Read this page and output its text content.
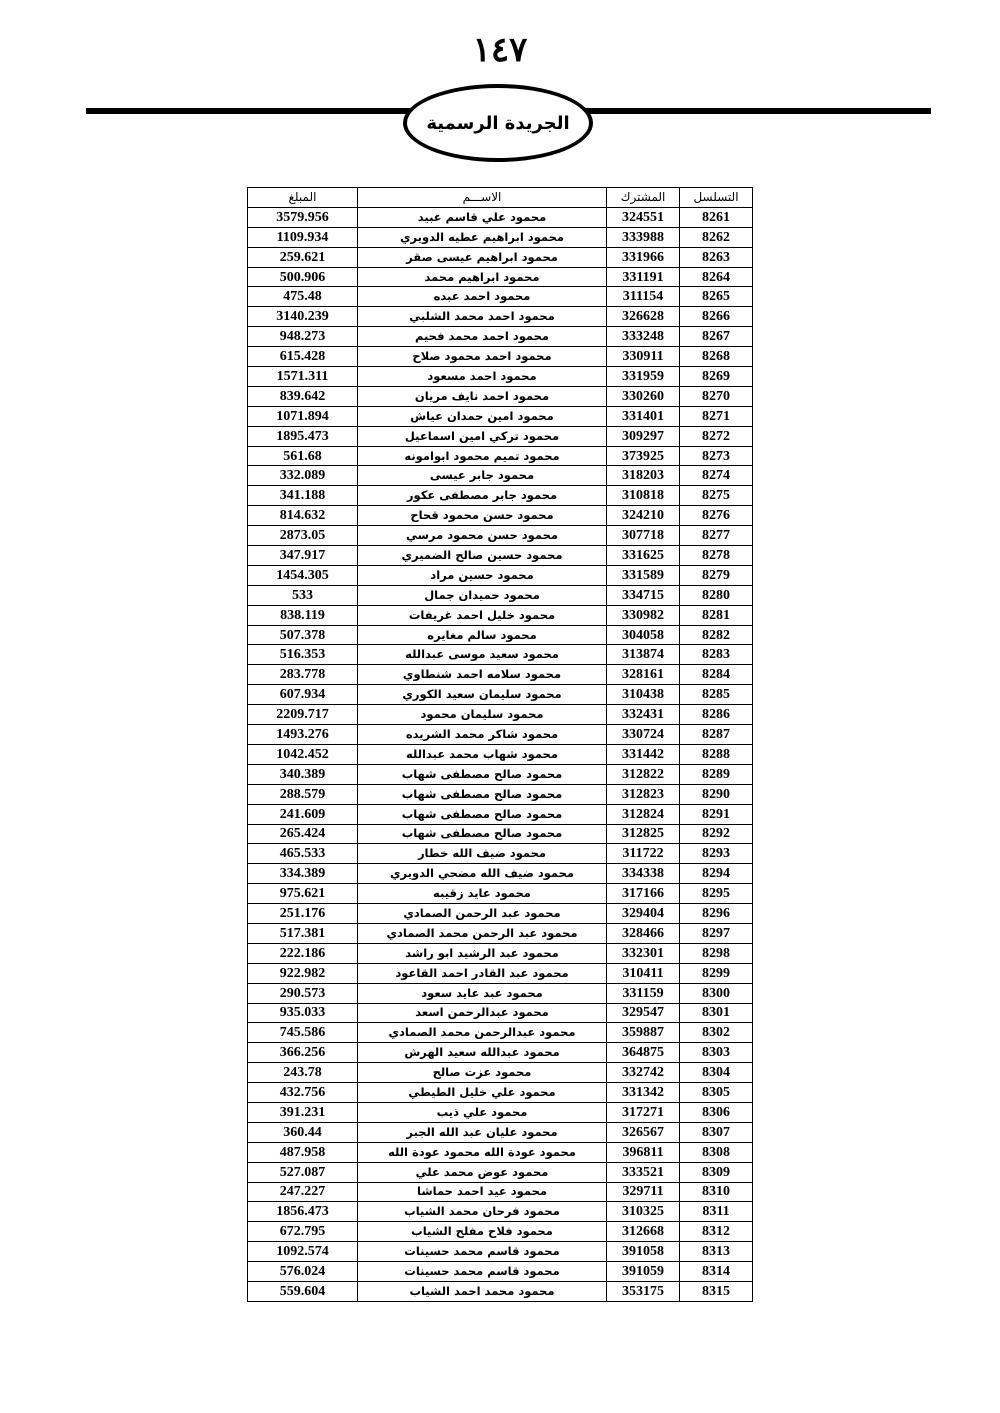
١٤٧
الجريدة الرسمية
التسلسل	المشترك	الاســـم	المبلغ
8261	324551	محمود علي قاسم عبيد	3579.956
8262	333988	محمود ابراهيم عطيه الدويري	1109.934
8263	331966	محمود ابراهيم عيسى صقر	259.621
8264	331191	محمود ابراهيم محمد	500.906
8265	311154	محمود احمد عبده	475.48
8266	326628	محمود احمد محمد الشلبي	3140.239
8267	333248	محمود احمد محمد فحيم	948.273
8268	330911	محمود احمد محمود صلاح	615.428
8269	331959	محمود احمد مسعود	1571.311
8270	330260	محمود احمد نايف مريان	839.642
8271	331401	محمود امين حمدان عياش	1071.894
8272	309297	محمود تركي امين اسماعيل	1895.473
8273	373925	محمود تميم محمود ابوامونه	561.68
8274	318203	محمود جابر عيسى	332.089
8275	310818	محمود جابر مصطفى عكور	341.188
8276	324210	محمود حسن محمود قحاح	814.632
8277	307718	محمود حسن محمود مرسي	2873.05
8278	331625	محمود حسين صالح الضميري	347.917
8279	331589	محمود حسين مراد	1454.305
8280	334715	محمود حميدان جمال	533
8281	330982	محمود خليل احمد غريفات	838.119
8282	304058	محمود سالم مغايره	507.378
8283	313874	محمود سعيد موسى عبدالله	516.353
8284	328161	محمود سلامه احمد شنطاوي	283.778
8285	310438	محمود سليمان سعيد الكوري	607.934
8286	332431	محمود سليمان محمود	2209.717
8287	330724	محمود شاكر محمد الشريده	1493.276
8288	331442	محمود شهاب محمد عبدالله	1042.452
8289	312822	محمود صالح مصطفى شهاب	340.389
8290	312823	محمود صالح مصطفى شهاب	288.579
8291	312824	محمود صالح مصطفى شهاب	241.609
8292	312825	محمود صالح مصطفى شهاب	265.424
8293	311722	محمود ضيف الله خطار	465.533
8294	334338	محمود ضيف الله مضحي الدويري	334.389
8295	317166	محمود عايد زقيبه	975.621
8296	329404	محمود عبد الرحمن الصمادي	251.176
8297	328466	محمود عبد الرحمن محمد الصمادي	517.381
8298	332301	محمود عبد الرشيد ابو راشد	222.186
8299	310411	محمود عبد القادر احمد القاعود	922.982
8300	331159	محمود عبد عايد سعود	290.573
8301	329547	محمود عبدالرحمن اسعد	935.033
8302	359887	محمود عبدالرحمن محمد الصمادي	745.586
8303	364875	محمود عبدالله سعيد الهرش	366.256
8304	332742	محمود عزت صالح	243.78
8305	331342	محمود علي خليل الطيطي	432.756
8306	317271	محمود علي ذيب	391.231
8307	326567	محمود عليان عبد الله الجبر	360.44
8308	396811	محمود عودة الله محمود عودة الله	487.958
8309	333521	محمود عوض محمد علي	527.087
8310	329711	محمود عيد احمد حماشا	247.227
8311	310325	محمود فرحان محمد الشياب	1856.473
8312	312668	محمود فلاح مفلح الشياب	672.795
8313	391058	محمود قاسم محمد حسينات	1092.574
8314	391059	محمود قاسم محمد حسينات	576.024
8315	353175	محمود محمد احمد الشياب	559.604
